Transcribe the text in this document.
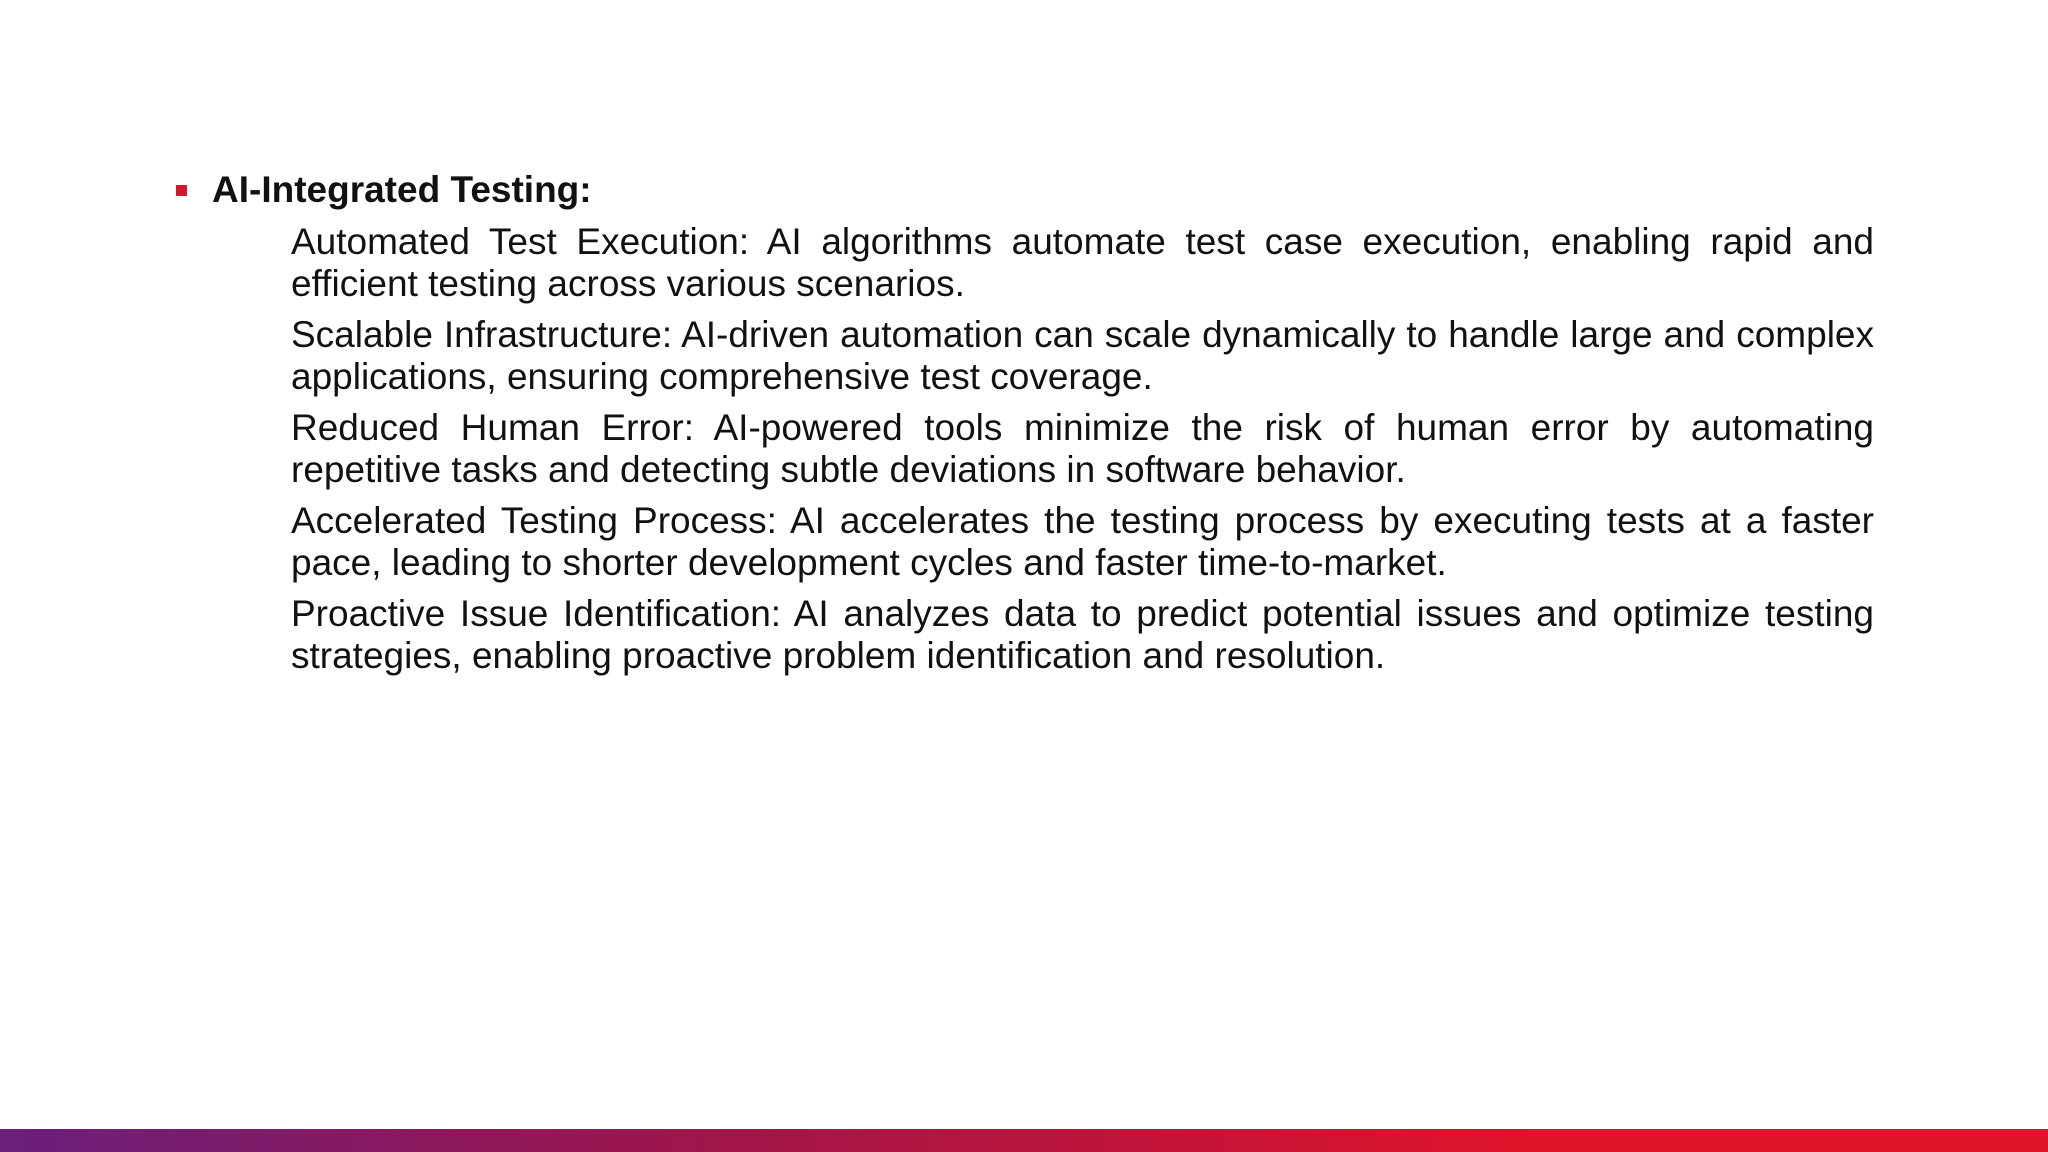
AI-Integrated Testing:
Automated Test Execution: AI algorithms automate test case execution, enabling rapid and efficient testing across various scenarios.
Scalable Infrastructure: AI-driven automation can scale dynamically to handle large and complex applications, ensuring comprehensive test coverage.
Reduced Human Error: AI-powered tools minimize the risk of human error by automating repetitive tasks and detecting subtle deviations in software behavior.
Accelerated Testing Process: AI accelerates the testing process by executing tests at a faster pace, leading to shorter development cycles and faster time-to-market.
Proactive Issue Identification: AI analyzes data to predict potential issues and optimize testing strategies, enabling proactive problem identification and resolution.
